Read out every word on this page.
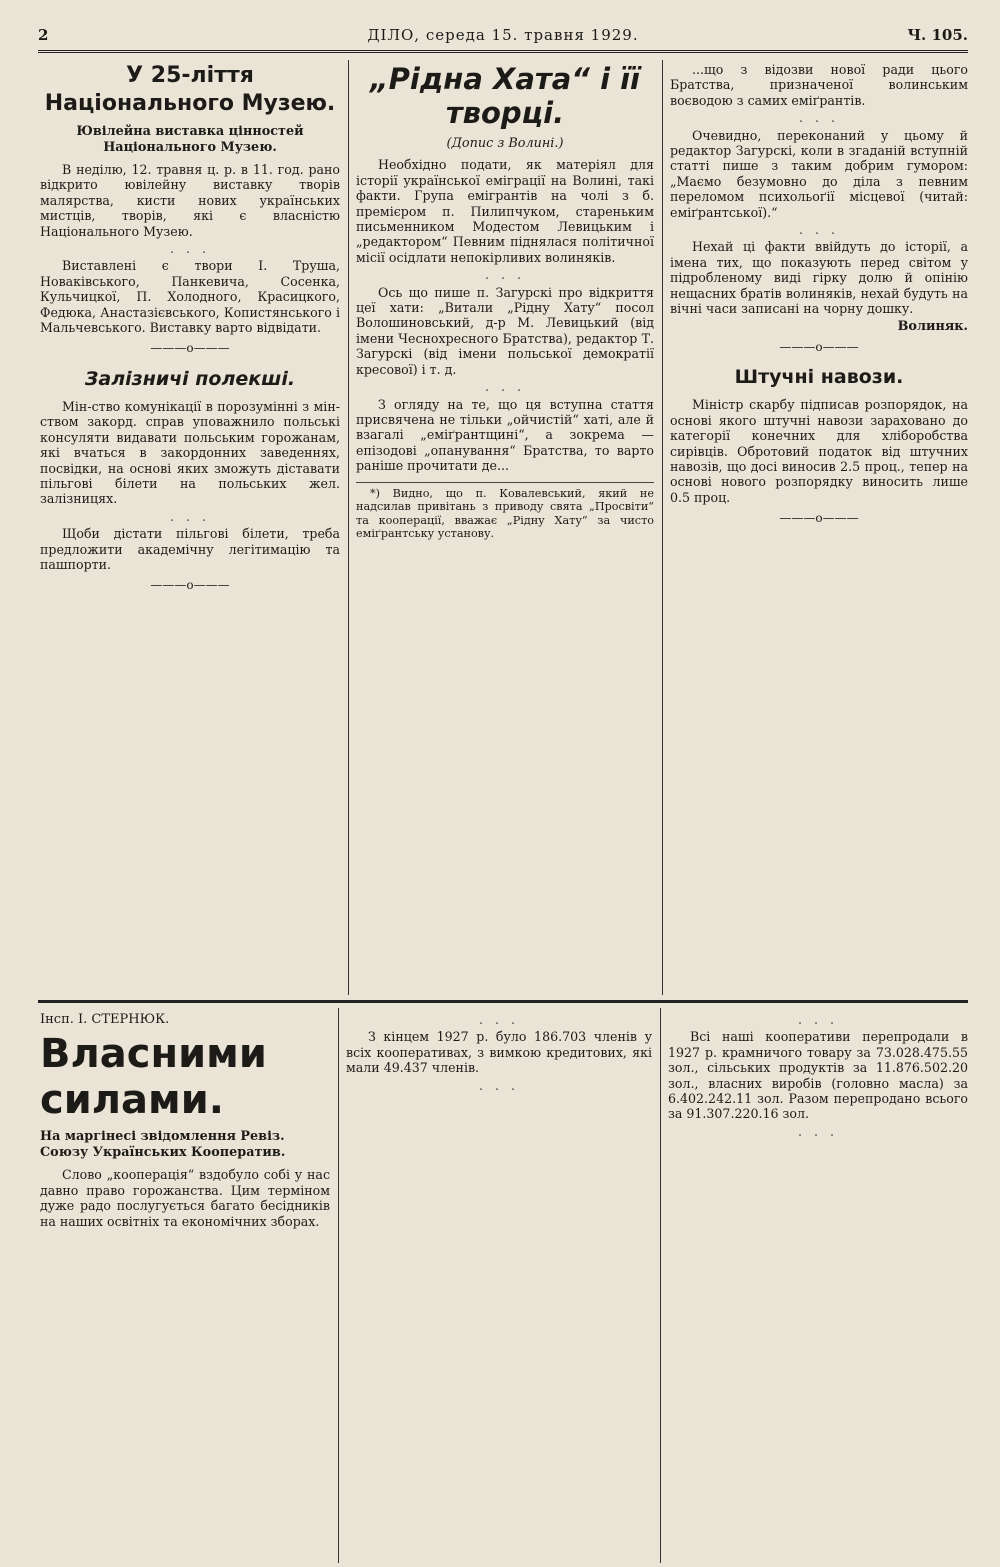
2	ДІЛО, середа 15. травня 1929.	Ч. 105.
У 25-ліття Національного Музею.
Ювілейна виставка цінностей Національного Музею.

В неділю, 12. травня ц. р. в 11. год. рано відкрито ювілейну виставку творів малярства, кисти нових українських мистців, творів, які є власністю Національного Музею.

. . .

Виставлені є твори І. Труша, Новаківського, Панкевича, Сосенка, Кульчицкої, П. Холодного, Красицкого, Федюка, Анастазієвського, Копистянського і Мальчевського. Виставку варто відвідати.

———o———
Залізничі полекші.

Мін-ство комунікації в порозумінні з мін-ством закорд. справ уповажнило польські консуляти видавати польським горожанам, які вчаться в закордонних заведеннях, посвідки, на основі яких зможуть діставати пільгові білети на польських жел. залізницях.

. . .

Щоби дістати пільгові білети, треба предложити академічну легітимацію та пашпорти.

———o———
„Рідна Хата“ і її творці.
(Допис з Волині.)

Необхідно подати, як матеріял для історії української еміграції на Волині, такі факти. Група емігрантів на чолі з б. премієром п. Пилипчуком, стареньким письменником Модестом Левицьким і „редактором“ Певним піднялася політичної місії осідлати непокірливих волиняків.

. . .

Ось що пише п. Загурскі про відкриття цеї хати: „Витали „Рідну Хату“ посол Волошиновський, д-р М. Левицький (від імени Чеснохресного Братства), редактор Т. Загурскі (від імени польської демократії кресової) і т. д.

. . .

З огляду на те, що ця вступна стаття присвячена не тільки „ойчистій“ хаті, але й взагалі „еміґрантщині“, а зокрема — епізодові „опанування“ Братства, то варто раніше прочитати де...

*) Видно, що п. Ковалевський, який не надсилав привітань з приводу свята „Просвіти“ та кооперації, вважає „Рідну Хату“ за чисто еміґрантську установу.

...що з відозви нової ради цього Братства, призначеної волинським воєводою з самих еміґрантів.

. . .

Очевидно, переконаний у цьому й редактор Загурскі, коли в згаданій вступній статті пише з таким добрим гумором: „Маємо безумовно до діла з певним переломом психольоґії місцевої (читай: еміґрантської).“

. . .

Нехай ці факти ввійдуть до історії, а імена тих, що показують перед світом у підробленому виді гірку долю й опінію нещасних братів волиняків, нехай будуть на вічні часи записані на чорну дошку.

Волиняк.
———o———
Штучні навози.

Міністр скарбу підписав розпорядок, на основі якого штучні навози зараховано до категорії конечних для хліборобства сирівців. Обротовий податок від штучних навозів, що досі виносив 2.5 проц., тепер на основі нового розпорядку виносить лише 0.5 проц.

———o———
Інсп. І. СТЕРНЮК.
Власними силами.
На маргінесі звідомлення Ревіз. Союзу Українських Кооператив.

Слово „кооперація“ вздобуло собі у нас давно право горожанства. Цим терміном дуже радо послугується багато бесідників на наших освітніх та економічних зборах.

. . .

З кінцем 1927 р. було 186.703 членів у всіх кооперативах, з вимкою кредитових, які мали 49.437 членів.

. . .

. . .

Всі наші кооперативи перепродали в 1927 р. крамничого товару за 73.028.475.55 зол., сільських продуктів за 11.876.502.20 зол., власних виробів (головно масла) за 6.402.242.11 зол. Разом перепродано всього за 91.307.220.16 зол.

. . .
